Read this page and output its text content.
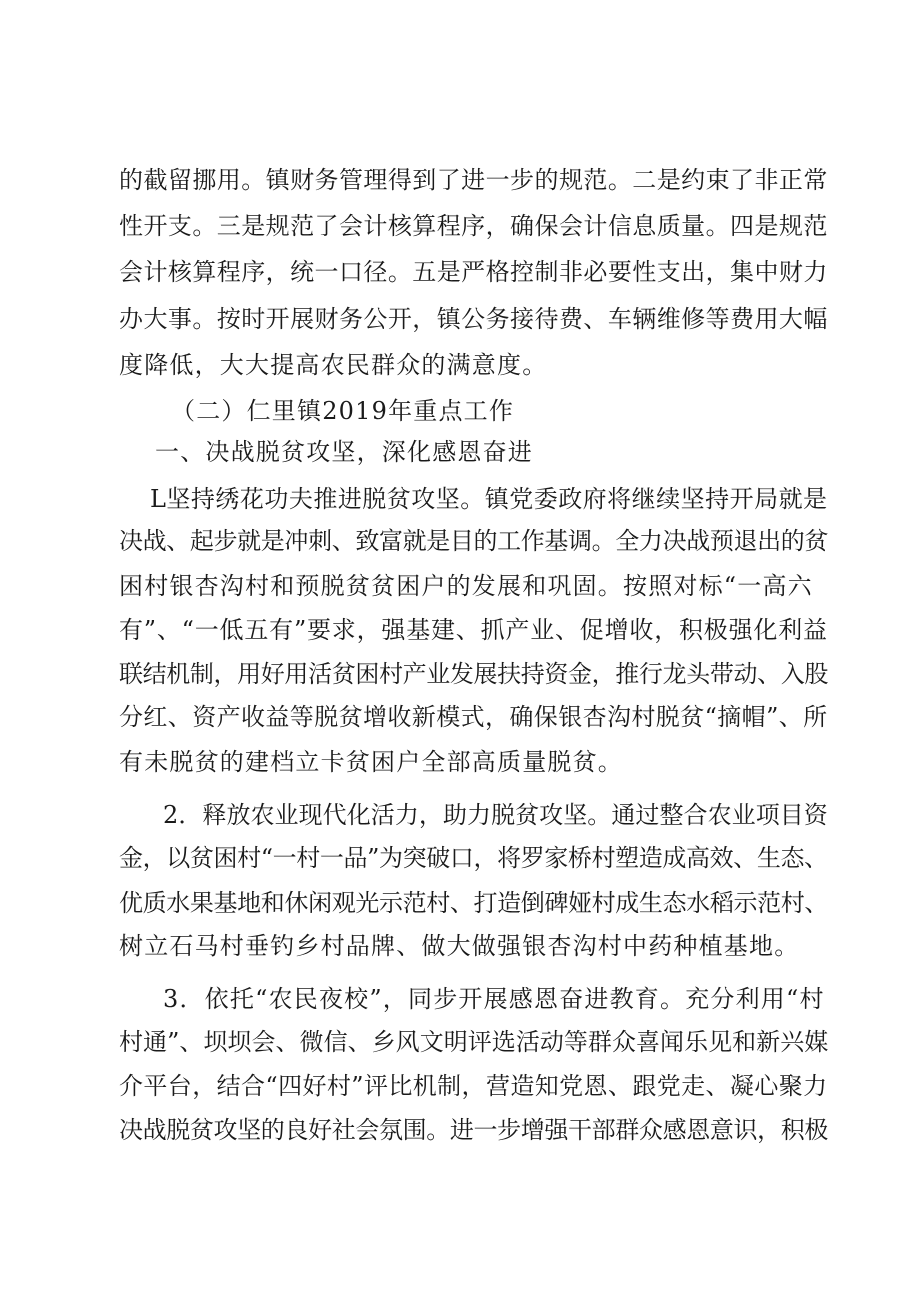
的截留挪用。镇财务管理得到了进一步的规范。二是约束了非正常
性开支。三是规范了会计核算程序，确保会计信息质量。四是规范
会计核算程序，统一口径。五是严格控制非必要性支出，集中财力
办大事。按时开展财务公开，镇公务接待费、车辆维修等费用大幅
度降低，大大提高农民群众的满意度。
（二）仁里镇2019年重点工作
一、决战脱贫攻坚，深化感恩奋进
L坚持绣花功夫推进脱贫攻坚。镇党委政府将继续坚持开局就是
决战、起步就是冲刺、致富就是目的工作基调。全力决战预退出的贫
困村银杏沟村和预脱贫贫困户的发展和巩固。按照对标“一高六
有”、“一低五有”要求，强基建、抓产业、促增收，积极强化利益
联结机制，用好用活贫困村产业发展扶持资金，推行龙头带动、入股
分红、资产收益等脱贫增收新模式，确保银杏沟村脱贫“摘帽”、所
有未脱贫的建档立卡贫困户全部高质量脱贫。
2．释放农业现代化活力，助力脱贫攻坚。通过整合农业项目资
金，以贫困村“一村一品”为突破口，将罗家桥村塑造成高效、生态、
优质水果基地和休闲观光示范村、打造倒碑娅村成生态水稻示范村、
树立石马村垂钓乡村品牌、做大做强银杏沟村中药种植基地。
3．依托“农民夜校”，同步开展感恩奋进教育。充分利用“村
村通”、坝坝会、微信、乡风文明评选活动等群众喜闻乐见和新兴媒
介平台，结合“四好村”评比机制，营造知党恩、跟党走、凝心聚力
决战脱贫攻坚的良好社会氛围。进一步增强干部群众感恩意识，积极
